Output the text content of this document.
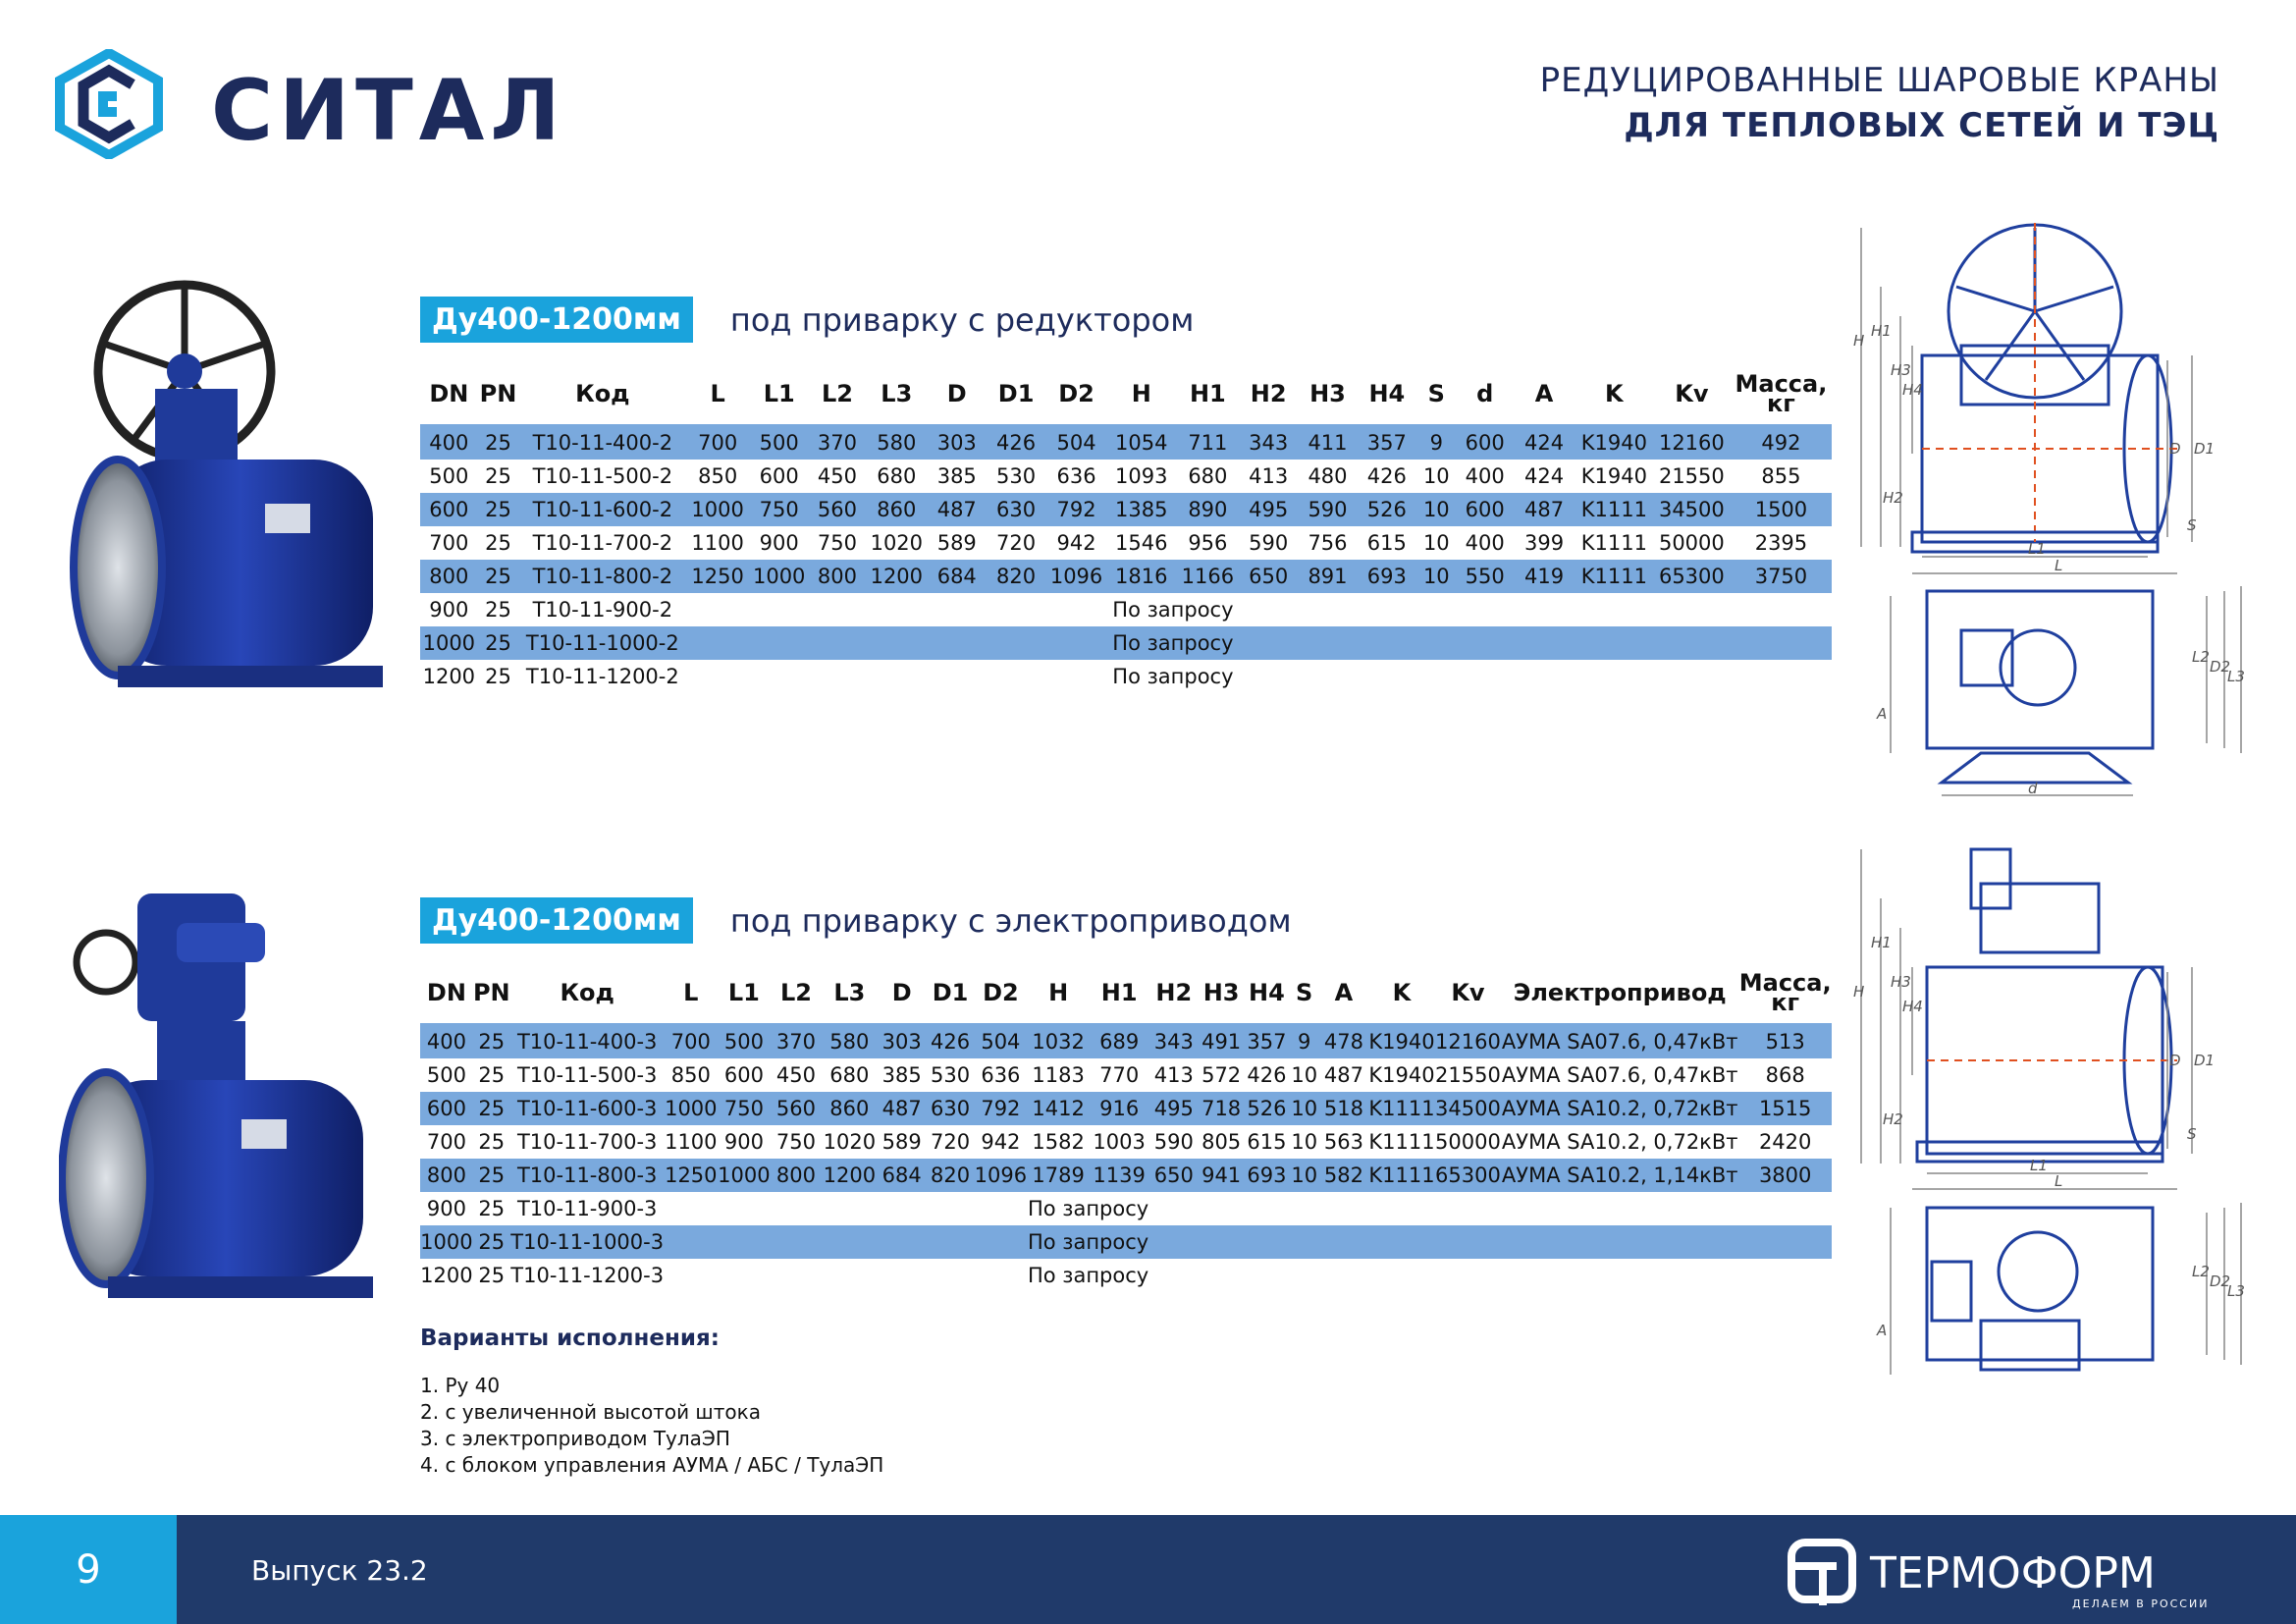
СИТАЛ	РЕДУЦИРОВАННЫЕ ШАРОВЫЕ КРАНЫ
ДЛЯ ТЕПЛОВЫХ СЕТЕЙ И ТЭЦ
Ду400-1200мм	под приварку с редуктором
DN	PN	Код	L	L1	L2	L3	D	D1	D2	H	H1	H2	H3	H4	S	d	A	K	Kv	Масса,
кг
400	25	Т10-11-400-2	700	500	370	580	303	426	504	1054	711	343	411	357	9	600	424	K1940	12160	492
500	25	Т10-11-500-2	850	600	450	680	385	530	636	1093	680	413	480	426	10	400	424	K1940	21550	855
600	25	Т10-11-600-2	1000	750	560	860	487	630	792	1385	890	495	590	526	10	600	487	K1111	34500	1500
700	25	Т10-11-700-2	1100	900	750	1020	589	720	942	1546	956	590	756	615	10	400	399	K1111	50000	2395
800	25	Т10-11-800-2	1250	1000	800	1200	684	820	1096	1816	1166	650	891	693	10	550	419	K1111	65300	3750
900	25	Т10-11-900-2								По запросу										
1000	25	Т10-11-1000-2								По запросу										
1200	25	Т10-11-1200-2								По запросу										
H
H1
H3
H4
H2
D D1
S
L1
L
L2
D2
L3
A
d
Ду400-1200мм	под приварку с электроприводом
DN	PN	Код	L	L1	L2	L3	D	D1	D2	H	H1	H2	H3	H4	S	A	K	Kv	Электропривод	Масса,
кг
400	25	Т10-11-400-3	700	500	370	580	303	426	504	1032	689	343	491	357	9	478	K1940	12160	АУМА SA07.6, 0,47кВт	513
500	25	Т10-11-500-3	850	600	450	680	385	530	636	1183	770	413	572	426	10	487	K1940	21550	АУМА SA07.6, 0,47кВт	868
600	25	Т10-11-600-3	1000	750	560	860	487	630	792	1412	916	495	718	526	10	518	K1111	34500	АУМА SA10.2, 0,72кВт	1515
700	25	Т10-11-700-3	1100	900	750	1020	589	720	942	1582	1003	590	805	615	10	563	K1111	50000	АУМА SA10.2, 0,72кВт	2420
800	25	Т10-11-800-3	1250	1000	800	1200	684	820	1096	1789	1139	650	941	693	10	582	K1111	65300	АУМА SA10.2, 1,14кВт	3800
900	25	Т10-11-900-3								По запросу										
1000	25	Т10-11-1000-3								По запросу										
1200	25	Т10-11-1200-3								По запросу										
H
H1
H3
H4
H2
D D1
S
L1
L
L2
D2
L3
A
Варианты исполнения:
1. Ру 40
2. с увеличенной высотой штока
3. с электроприводом ТулаЭП
4. с блоком управления АУМА / АБС / ТулаЭП
9	Выпуск 23.2	ТЕРМОФОРМ
ДЕЛАЕМ В РОССИИ
